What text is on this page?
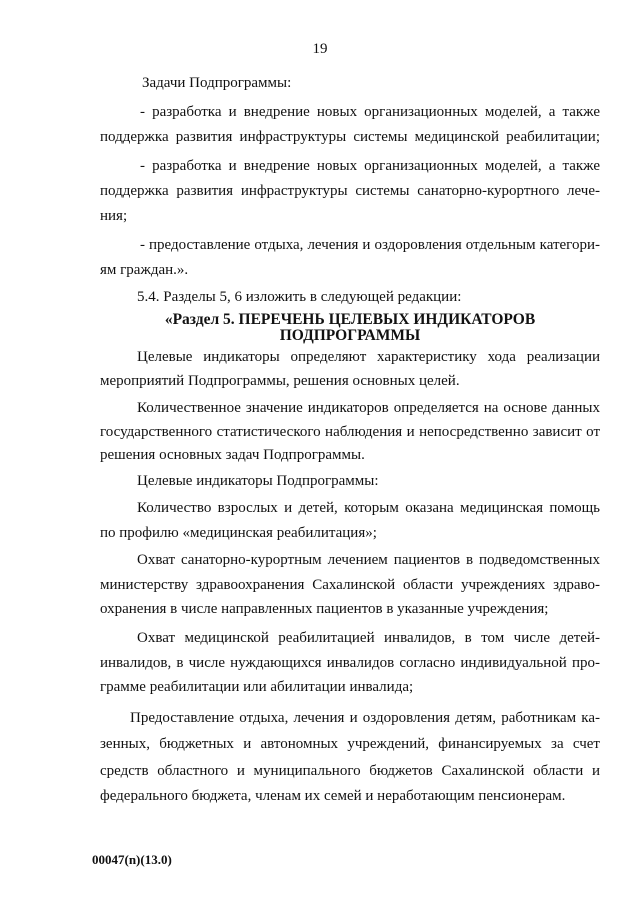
19
Задачи Подпрограммы:
- разработка и внедрение новых организационных моделей, а также
поддержка развития инфраструктуры системы медицинской реабилитации;
- разработка и внедрение новых организационных моделей, а также
поддержка развития инфраструктуры системы санаторно-курортного лече-
ния;
- предоставление отдыха, лечения и оздоровления отдельным категори-
ям граждан.».
5.4. Разделы 5, 6 изложить в следующей редакции:
«Раздел 5. ПЕРЕЧЕНЬ ЦЕЛЕВЫХ ИНДИКАТОРОВ
ПОДПРОГРАММЫ
Целевые индикаторы определяют характеристику хода реализации
мероприятий Подпрограммы, решения основных целей.
Количественное значение индикаторов определяется на основе данных
государственного статистического наблюдения и непосредственно зависит от
решения основных задач Подпрограммы.
Целевые индикаторы Подпрограммы:
Количество взрослых и детей, которым оказана медицинская помощь
по профилю «медицинская реабилитация»;
Охват санаторно-курортным лечением пациентов в подведомственных
министерству здравоохранения Сахалинской области учреждениях здраво-
охранения в числе направленных пациентов в указанные учреждения;
Охват медицинской реабилитацией инвалидов, в том числе детей-
инвалидов, в числе нуждающихся инвалидов согласно индивидуальной про-
грамме реабилитации или абилитации инвалида;
Предоставление отдыха, лечения и оздоровления детям, работникам ка-
зенных, бюджетных и автономных учреждений, финансируемых за счет
средств областного и муниципального бюджетов Сахалинской области и
федерального бюджета, членам их семей и неработающим пенсионерам.
00047(n)(13.0)
